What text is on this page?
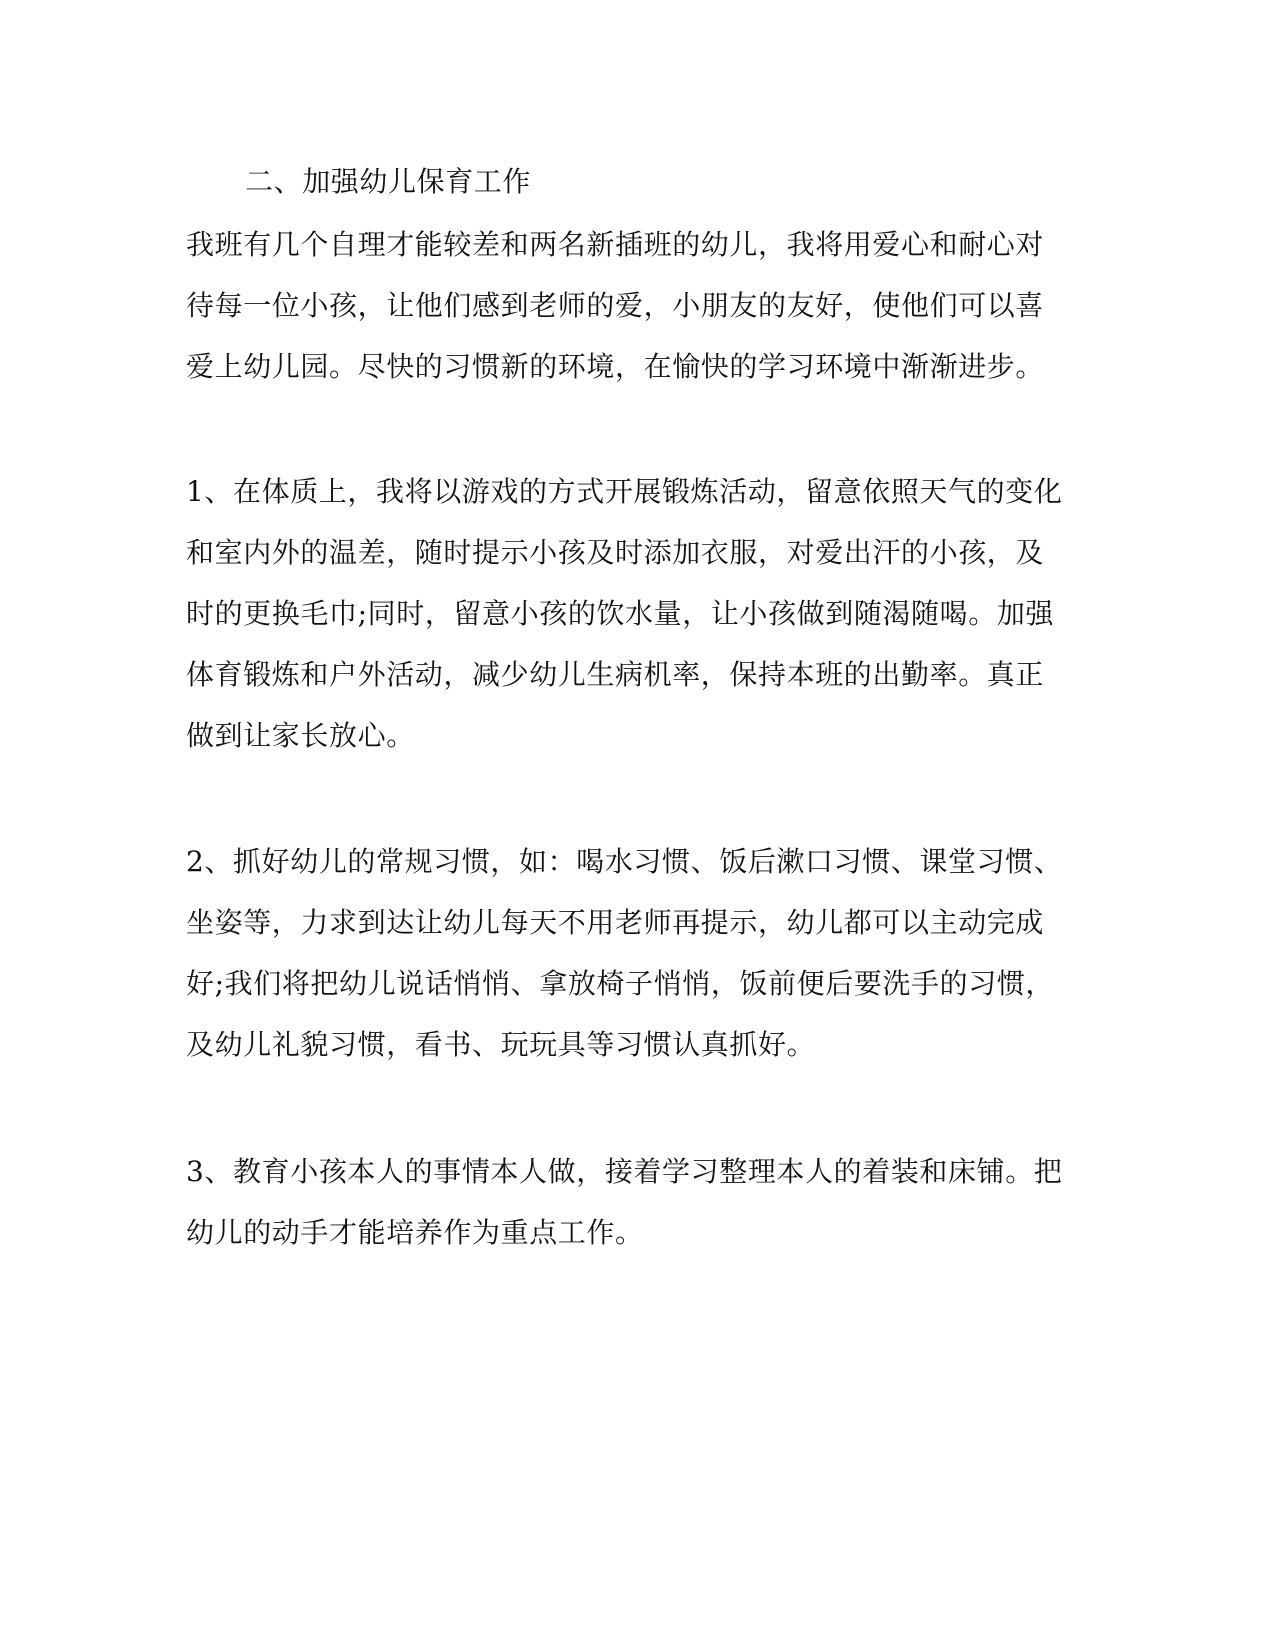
二、加强幼儿保育工作
我班有几个自理才能较差和两名新插班的幼儿，我将用爱心和耐心对
待每一位小孩，让他们感到老师的爱，小朋友的友好，使他们可以喜
爱上幼儿园。尽快的习惯新的环境，在愉快的学习环境中渐渐进步。
1、在体质上，我将以游戏的方式开展锻炼活动，留意依照天气的变化
和室内外的温差，随时提示小孩及时添加衣服，对爱出汗的小孩，及
时的更换毛巾;同时，留意小孩的饮水量，让小孩做到随渴随喝。加强
体育锻炼和户外活动，减少幼儿生病机率，保持本班的出勤率。真正
做到让家长放心。
2、抓好幼儿的常规习惯，如：喝水习惯、饭后漱口习惯、课堂习惯、
坐姿等，力求到达让幼儿每天不用老师再提示，幼儿都可以主动完成
好;我们将把幼儿说话悄悄、拿放椅子悄悄，饭前便后要洗手的习惯，
及幼儿礼貌习惯，看书、玩玩具等习惯认真抓好。
3、教育小孩本人的事情本人做，接着学习整理本人的着装和床铺。把
幼儿的动手才能培养作为重点工作。
